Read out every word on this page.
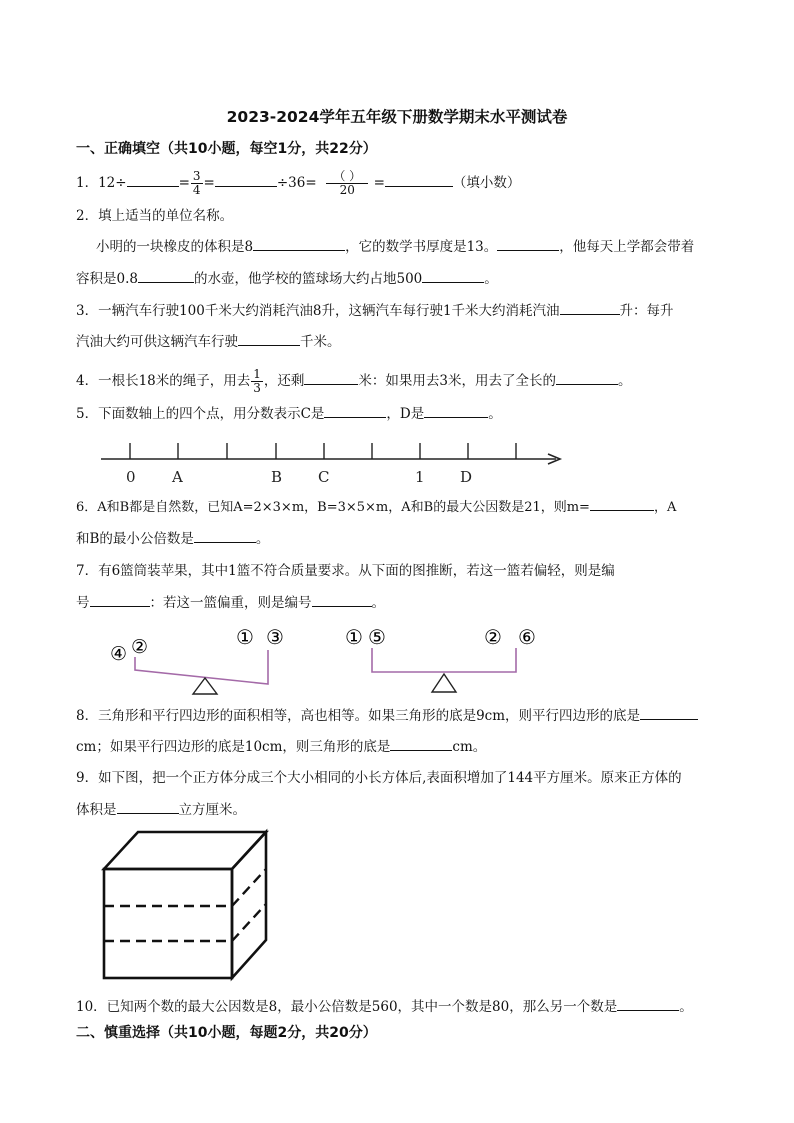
2023-2024学年五年级下册数学期末水平测试卷
一、正确填空（共10小题，每空1分，共22分）
1．12÷	= $\frac{3}{4}$ =	$\div 36= \frac{( )}{20}$ =	（填小数）
2．填上适当的单位名称。
小明的一块橡皮的体积是8	，它的数学书厚度是13。	，他每天上学都会带着
容积是0.8	的水壶，他学校的篮球场大约占地500	。
3．一辆汽车行驶100千米大约消耗汽油8升，这辆汽车每行驶1千米大约消耗汽油	升：每升
汽油大约可供这辆汽车行驶	千米。
4．一根长18米的绳子，用去 $\frac{1}{3}$ ，还剩	米：如果用去3米，用去了全长的	。
5．下面数轴上的四个点，用分数表示C是	，D是	。
0 A	B C	1 D
6．A和B都是自然数，已知A=2×3×m，B=3×5×m，A和B的最大公因数是21，则m=	，A
和B的最小公倍数是	。
7．有6篮筒装苹果，其中1篮不符合质量要求。从下面的图推断，若这一篮若偏轻，则是编
号	：若这一篮偏重，则是编号	。
④ ②	① ③	① ⑤	② ⑥
8．三角形和平行四边形的面积相等，高也相等。如果三角形的底是9cm，则平行四边形的底是
cm；如果平行四边形的底是10cm，则三角形的底是	cm。
9．如下图，把一个正方体分成三个大小相同的小长方体后,表面积增加了144平方厘米。原来正方体的
体积是	立方厘米。
10．已知两个数的最大公因数是8，最小公倍数是560，其中一个数是80，那么另一个数是	。
二、慎重选择（共10小题，每题2分，共20分）
